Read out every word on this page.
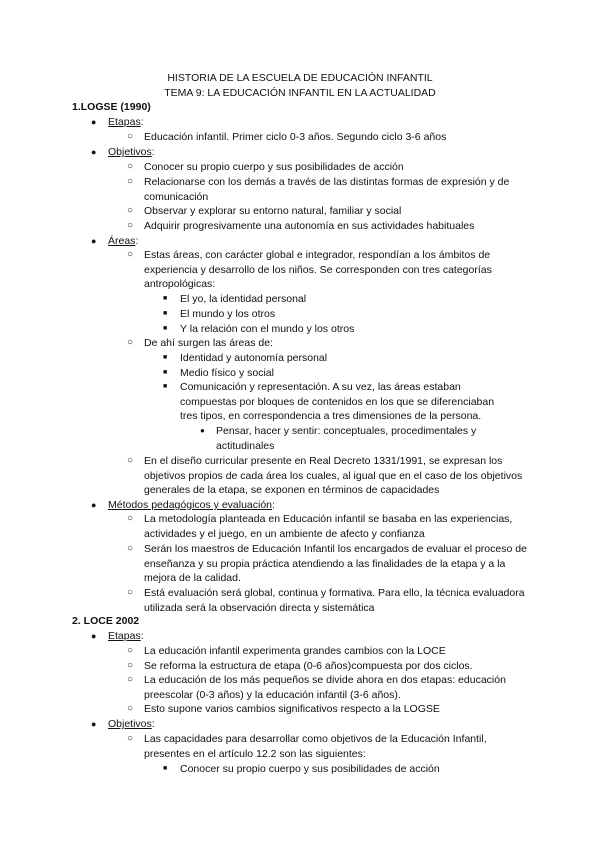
HISTORIA DE LA ESCUELA DE EDUCACIÓN INFANTIL
TEMA 9: LA EDUCACIÓN INFANTIL EN LA ACTUALIDAD
1.LOGSE (1990)
● Etapas:
○ Educación infantil. Primer ciclo 0-3 años. Segundo ciclo 3-6 años
● Objetivos:
○ Conocer su propio cuerpo y sus posibilidades de acción
○ Relacionarse con los demás a través de las distintas formas de expresión y de comunicación
○ Observar y explorar su entorno natural, familiar y social
○ Adquirir progresivamente una autonomía en sus actividades habituales
● Áreas:
○ Estas áreas, con carácter global e integrador, respondían a los ámbitos de experiencia y desarrollo de los niños. Se corresponden con tres categorías antropológicas:
■ El yo, la identidad personal
■ El mundo y los otros
■ Y la relación con el mundo y los otros
○ De ahí surgen las áreas de:
■ Identidad y autonomía personal
■ Medio físico y social
■ Comunicación y representación. A su vez, las áreas estaban compuestas por bloques de contenidos en los que se diferenciaban tres tipos, en correspondencia a tres dimensiones de la persona.
● Pensar, hacer y sentir: conceptuales, procedimentales y actitudinales
○ En el diseño curricular presente en Real Decreto 1331/1991, se expresan los objetivos propios de cada área los cuales, al igual que en el caso de los objetivos generales de la etapa, se exponen en términos de capacidades
● Métodos pedagógicos y evaluación:
○ La metodología planteada en Educación infantil se basaba en las experiencias, actividades y el juego, en un ambiente de afecto y confianza
○ Serán los maestros de Educación Infantil los encargados de evaluar el proceso de enseñanza y su propia práctica atendiendo a las finalidades de la etapa y a la mejora de la calidad.
○ Está evaluación será global, continua y formativa. Para ello, la técnica evaluadora utilizada será la observación directa y sistemática
2. LOCE 2002
● Etapas:
○ La educación infantil experimenta grandes cambios con la LOCE
○ Se reforma la estructura de etapa (0-6 años)compuesta por dos ciclos.
○ La educación de los más pequeños se divide ahora en dos etapas: educación preescolar (0-3 años) y la educación infantil (3-6 años).
○ Esto supone varios cambios significativos respecto a la LOGSE
● Objetivos:
○ Las capacidades para desarrollar como objetivos de la Educación Infantil, presentes en el artículo 12.2 son las siguientes:
■ Conocer su propio cuerpo y sus posibilidades de acción
